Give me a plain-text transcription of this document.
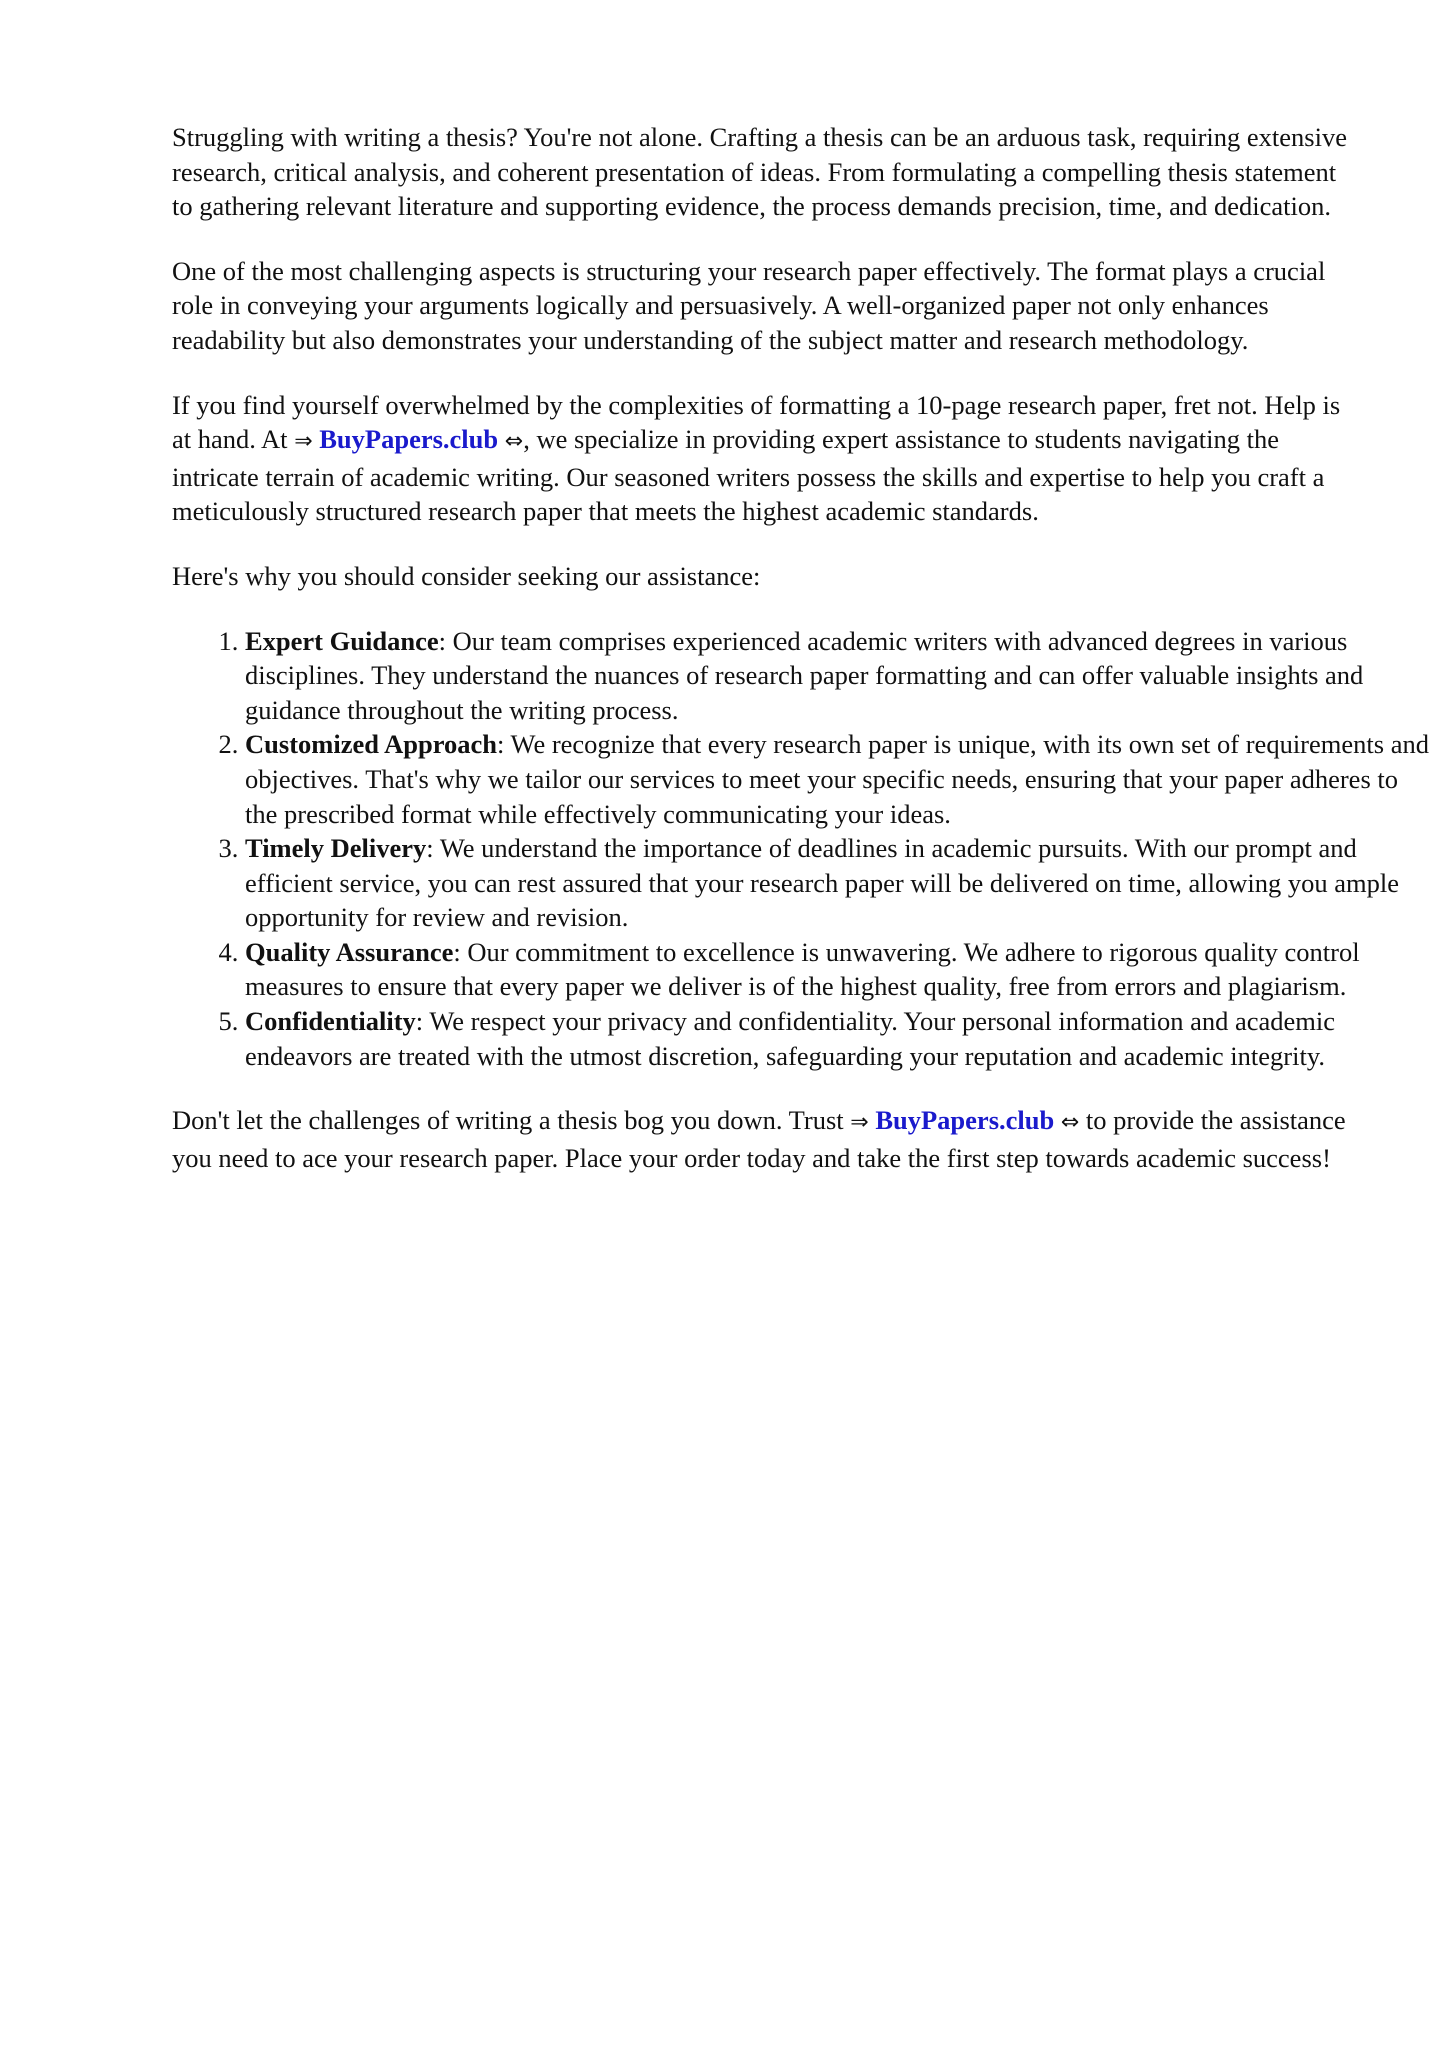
Struggling with writing a thesis? You're not alone. Crafting a thesis can be an arduous task, requiring extensive research, critical analysis, and coherent presentation of ideas. From formulating a compelling thesis statement to gathering relevant literature and supporting evidence, the process demands precision, time, and dedication.

One of the most challenging aspects is structuring your research paper effectively. The format plays a crucial role in conveying your arguments logically and persuasively. A well-organized paper not only enhances readability but also demonstrates your understanding of the subject matter and research methodology.

If you find yourself overwhelmed by the complexities of formatting a 10-page research paper, fret not. Help is at hand. At ⇒ BuyPapers.club ⇔, we specialize in providing expert assistance to students navigating the intricate terrain of academic writing. Our seasoned writers possess the skills and expertise to help you craft a meticulously structured research paper that meets the highest academic standards.

Here's why you should consider seeking our assistance:

1. Expert Guidance: Our team comprises experienced academic writers with advanced degrees in various disciplines. They understand the nuances of research paper formatting and can offer valuable insights and guidance throughout the writing process.
2. Customized Approach: We recognize that every research paper is unique, with its own set of requirements and objectives. That's why we tailor our services to meet your specific needs, ensuring that your paper adheres to the prescribed format while effectively communicating your ideas.
3. Timely Delivery: We understand the importance of deadlines in academic pursuits. With our prompt and efficient service, you can rest assured that your research paper will be delivered on time, allowing you ample opportunity for review and revision.
4. Quality Assurance: Our commitment to excellence is unwavering. We adhere to rigorous quality control measures to ensure that every paper we deliver is of the highest quality, free from errors and plagiarism.
5. Confidentiality: We respect your privacy and confidentiality. Your personal information and academic endeavors are treated with the utmost discretion, safeguarding your reputation and academic integrity.

Don't let the challenges of writing a thesis bog you down. Trust ⇒ BuyPapers.club ⇔ to provide the assistance you need to ace your research paper. Place your order today and take the first step towards academic success!
